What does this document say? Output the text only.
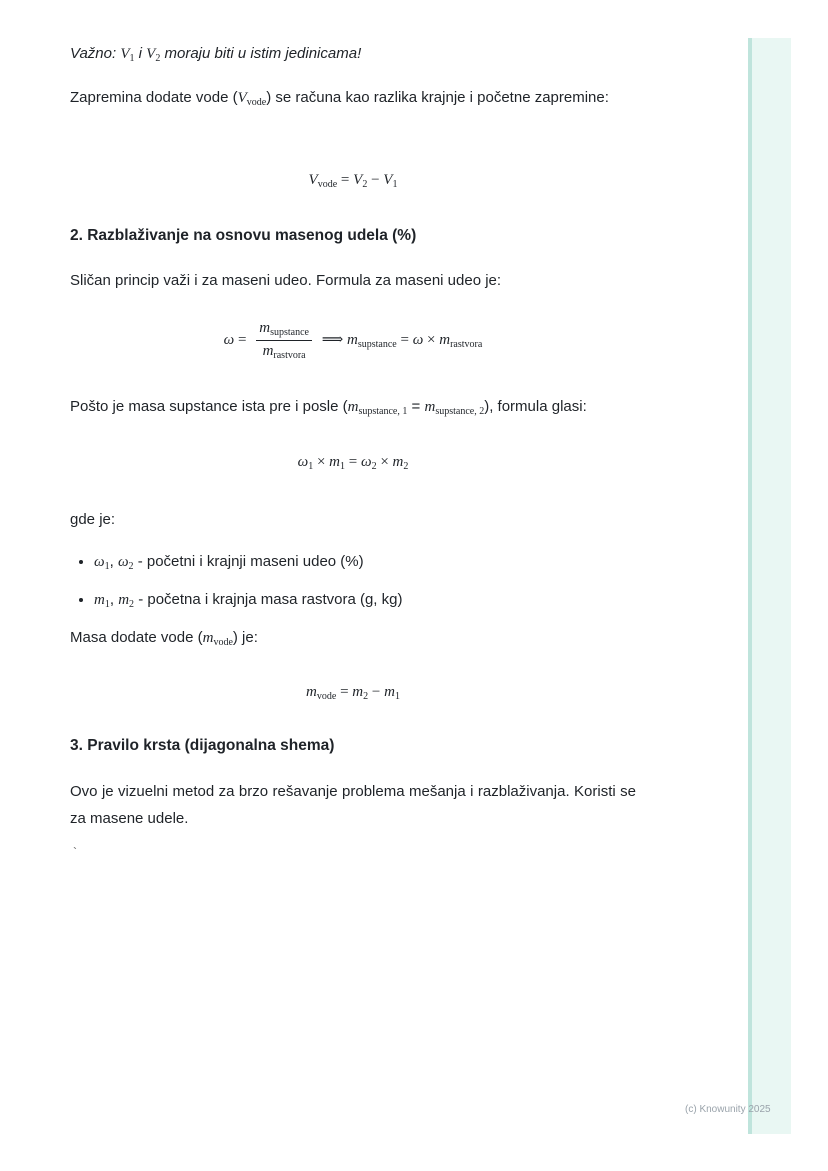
Važno: $V_1$ i $V_2$ moraju biti u istim jedinicama!

Zapremina dodate vode $(V_{vode})$ se računa kao razlika krajnje i početne zapremine:

$V_{vode} = V_2 - V_1$
2. Razblaživanje na osnovu masenog udela (%)

Sličan princip važi i za maseni udeo. Formula za maseni udeo je:

$\omega = \frac{m_{supstance}}{m_{rastvora}}$ ⟹ $m_{supstance} = \omega \times m_{rastvora}$

Pošto je masa supstance ista pre i posle $(m_{supstance, 1} = m_{supstance, 2})$, formula glasi:

$\omega_1 \times m_1 = \omega_2 \times m_2$

gde je:

• $\omega_1$, $\omega_2$ - početni i krajnji maseni udeo (%)
• $m_1$, $m_2$ - početna i krajnja masa rastvora (g, kg)

Masa dodate vode $(m_{vode})$ je:

$m_{vode} = m_2 - m_1$
3. Pravilo krsta (dijagonalna shema)

Ovo je vizuelni metod za brzo rešavanje problema mešanja i razblaživanja. Koristi se za masene udele.

`
(c) Knowunity 2025
